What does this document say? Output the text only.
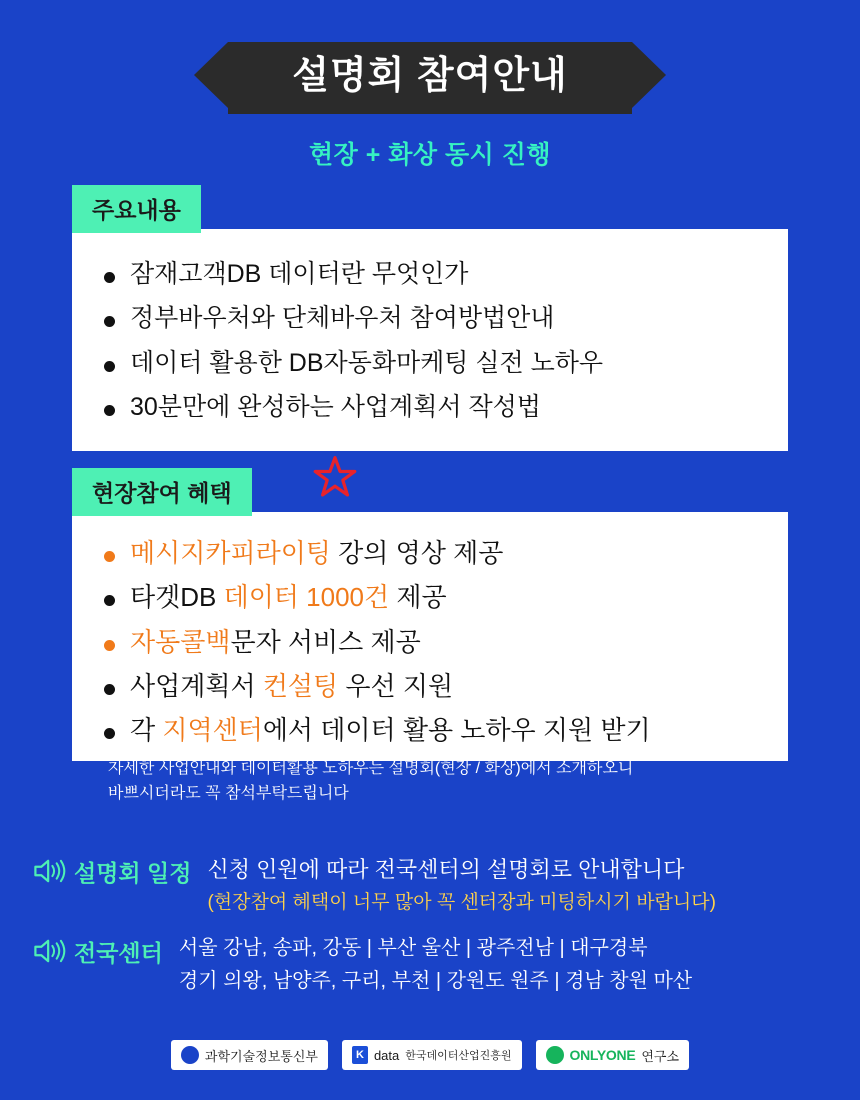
설명회 참여안내
현장 + 화상 동시 진행
주요내용
잠재고객DB 데이터란 무엇인가
정부바우처와 단체바우처 참여방법안내
데이터 활용한 DB자동화마케팅 실전 노하우
30분만에 완성하는 사업계획서 작성법
현장참여 혜택
메시지카피라이팅 강의 영상 제공
타겟DB 데이터 1000건 제공
자동콜백문자 서비스 제공
사업계획서 컨설팅 우선 지원
각 지역센터에서 데이터 활용 노하우 지원 받기
자세한 사업안내와 데이터활용 노하우는 설명회(현장 / 화상)에서 소개하오니
바쁘시더라도 꼭 참석부탁드립니다
설명회 일정 신청 인원에 따라 전국센터의 설명회로 안내합니다
(현장참여 혜택이 너무 많아 꼭 센터장과 미팅하시기 바랍니다)
전국센터 서울 강남, 송파, 강동 | 부산 울산 | 광주전남 | 대구경북
경기 의왕, 남양주, 구리, 부천 | 강원도 원주 | 경남 창원 마산
과학기술정보통신부	K data 한국데이터산업진흥원	ONLYONE 연구소
